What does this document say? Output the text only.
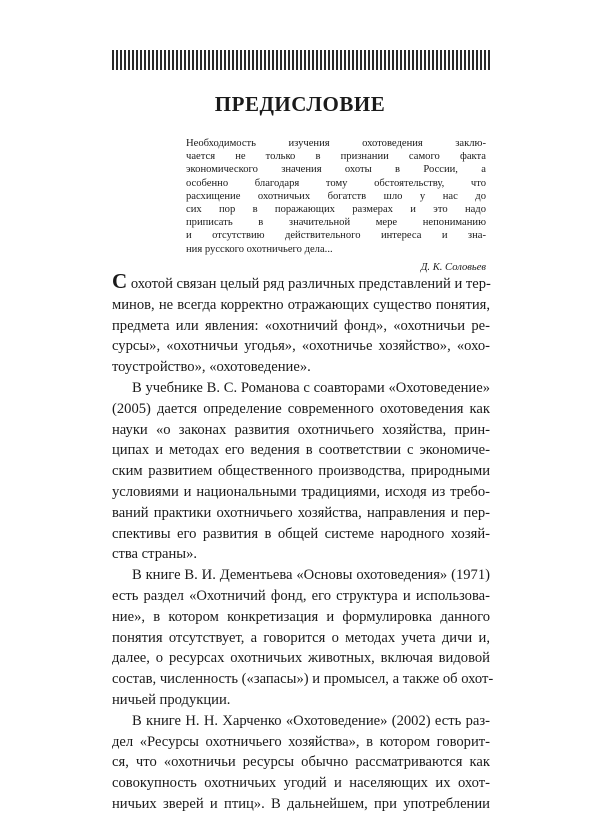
ПРЕДИСЛОВИЕ
Необходимость изучения охотоведения заклю-
чается не только в признании самого факта
экономического значения охоты в России, а
особенно благодаря тому обстоятельству, что
расхищение охотничьих богатств шло у нас до
сих пор в поражающих размерах и это надо
приписать в значительной мере непониманию
и отсутствию действительного интереса и зна-
ния русского охотничьего дела...
Д. К. Соловьев
С охотой связан целый ряд различных представлений и тер-
минов, не всегда корректно отражающих существо понятия,
предмета или явления: «охотничий фонд», «охотничьи ре-
сурсы», «охотничьи угодья», «охотничье хозяйство», «охо-
тоустройство», «охотоведение».
В учебнике В. С. Романова с соавторами «Охотоведение»
(2005) дается определение современного охотоведения как
науки «о законах развития охотничьего хозяйства, прин-
ципах и методах его ведения в соответствии с экономиче-
ским развитием общественного производства, природными
условиями и национальными традициями, исходя из требо-
ваний практики охотничьего хозяйства, направления и пер-
спективы его развития в общей системе народного хозяй-
ства страны».
В книге В. И. Дементьева «Основы охотоведения» (1971)
есть раздел «Охотничий фонд, его структура и использова-
ние», в котором конкретизация и формулировка данного
понятия отсутствует, а говорится о методах учета дичи и,
далее, о ресурсах охотничьих животных, включая видовой
состав, численность («запасы») и промысел, а также об охот-
ничьей продукции.
В книге Н. Н. Харченко «Охотоведение» (2002) есть раз-
дел «Ресурсы охотничьего хозяйства», в котором говорит-
ся, что «охотничьи ресурсы обычно рассматриваются как
совокупность охотничьих угодий и населяющих их охот-
ничьих зверей и птиц». В дальнейшем, при употреблении
